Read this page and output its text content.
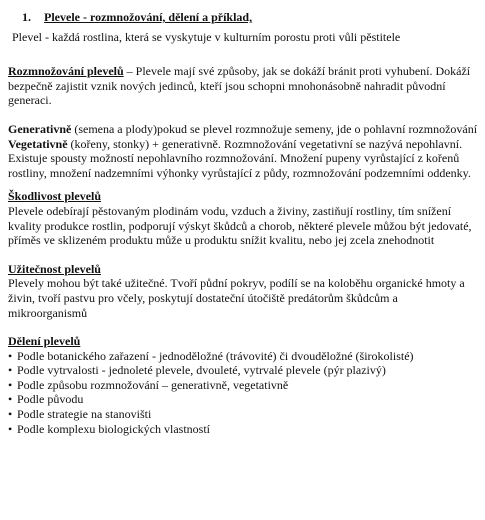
1. Plevele - rozmnožování, dělení a příklad,

Plevel - každá rostlina, která se vyskytuje v kulturním porostu proti vůli pěstitele

Rozmnožování plevelů – Plevele mají své způsoby, jak se dokáží bránit proti vyhubení. Dokáží bezpečně zajistit vznik nových jedinců, kteří jsou schopni mnohonásobně nahradit původní generaci.

Generativně (semena a plody)pokud se plevel rozmnožuje semeny, jde o pohlavní rozmnožování

Vegetativně (kořeny, stonky) + generativně. Rozmnožování vegetativní se nazývá nepohlavní. Existuje spousty možností nepohlavního rozmnožování. Množení pupeny vyrůstající z kořenů rostliny, množení nadzemními výhonky vyrůstající z půdy, rozmnožování podzemními oddenky.

Škodlivost plevelů

Plevele odebírají pěstovaným plodinám vodu, vzduch a živiny, zastiňují rostliny, tím snížení kvality produkce rostlin, podporují výskyt škůdců a chorob, některé plevele můžou být jedovaté, příměs ve sklizeném produktu může u produktu snížit kvalitu, nebo jej zcela znehodnotit

Užitečnost plevelů

Plevely mohou být také užitečné. Tvoří půdní pokryv, podílí se na koloběhu organické hmoty a živin, tvoří pastvu pro včely, poskytují dostateční útočiště predátorům škůdcům a mikroorganismů

Dělení plevelů

• Podle botanického zařazení - jednoděložné (trávovité) či dvouděložné (širokolisté)
• Podle vytrvalosti - jednoleté plevele, dvouleté, vytrvalé plevele (pýr plazivý)
• Podle způsobu rozmnožování – generativně, vegetativně
• Podle původu
• Podle strategie na stanovišti
• Podle komplexu biologických vlastností
